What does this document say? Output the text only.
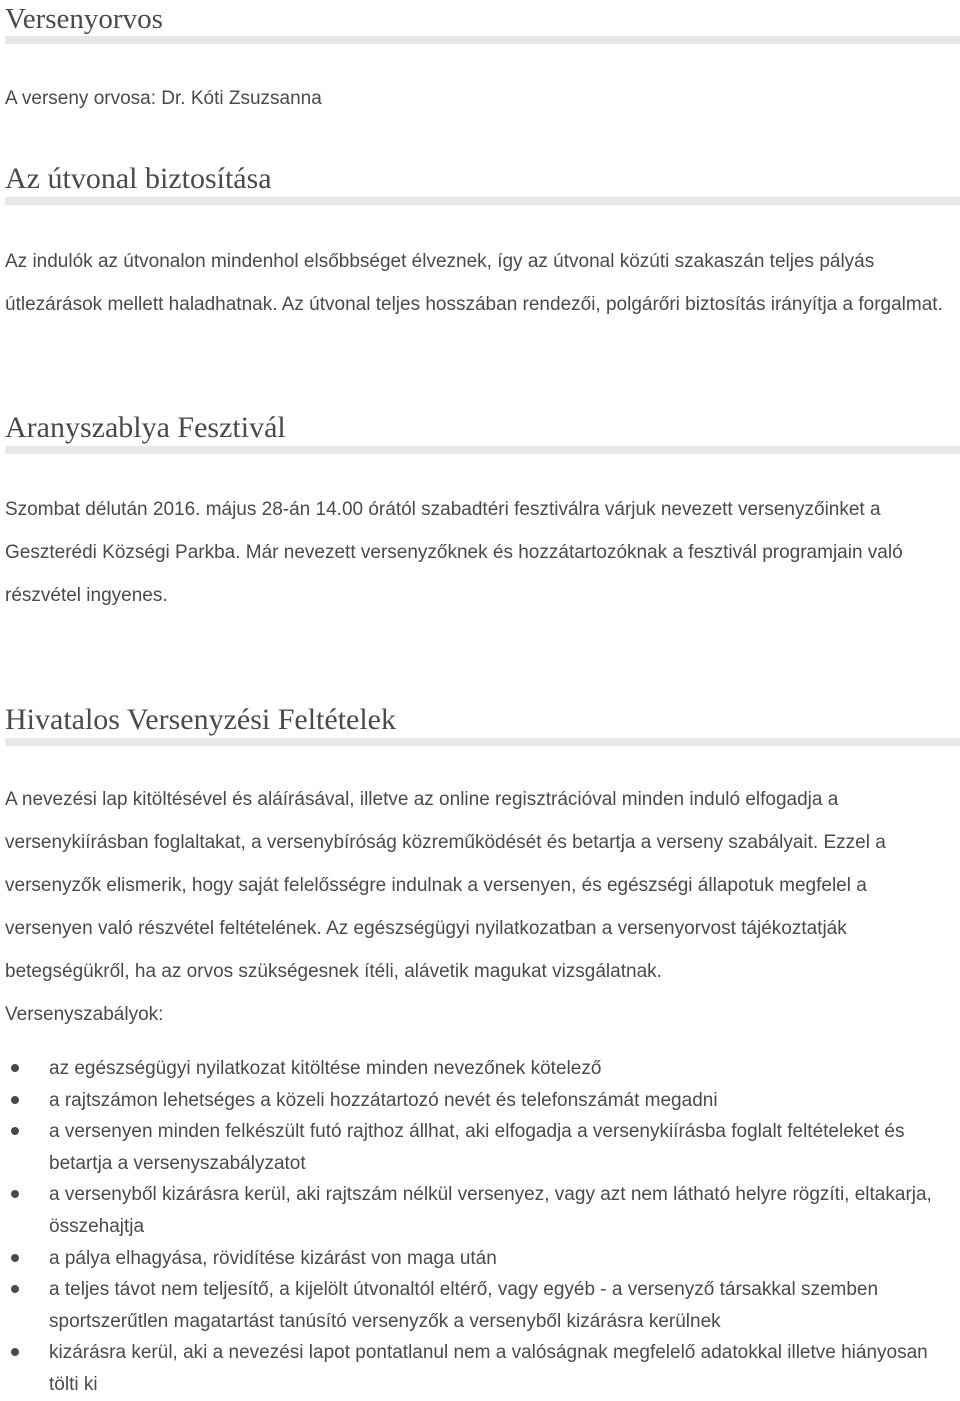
Versenyorvos

A verseny orvosa: Dr. Kóti Zsuzsanna

Az útvonal biztosítása

Az indulók az útvonalon mindenhol elsőbbséget élveznek, így az útvonal közúti szakaszán teljes pályás útlezárások mellett haladhatnak. Az útvonal teljes hosszában rendezői, polgárőri biztosítás irányítja a forgalmat.

Aranyszablya Fesztivál

Szombat délután 2016. május 28-án 14.00 órától szabadtéri fesztiválra várjuk nevezett versenyzőinket a Geszterédi Községi Parkba. Már nevezett versenyzőknek és hozzátartozóknak a fesztivál programjain való részvétel ingyenes.

Hivatalos Versenyzési Feltételek

A nevezési lap kitöltésével és aláírásával, illetve az online regisztrációval minden induló elfogadja a versenykiírásban foglaltakat, a versenybíróság közreműködését és betartja a verseny szabályait. Ezzel a versenyzők elismerik, hogy saját felelősségre indulnak a versenyen, és egészségi állapotuk megfelel a versenyen való részvétel feltételének. Az egészségügyi nyilatkozatban a versenyorvost tájékoztatják betegségükről, ha az orvos szükségesnek ítéli, alávetik magukat vizsgálatnak.

Versenyszabályok:

az egészségügyi nyilatkozat kitöltése minden nevezőnek kötelező
a rajtszámon lehetséges a közeli hozzátartozó nevét és telefonszámát megadni
a versenyen minden felkészült futó rajthoz állhat, aki elfogadja a versenykiírásba foglalt feltételeket és betartja a versenyszabályzatot
a versenyből kizárásra kerül, aki rajtszám nélkül versenyez, vagy azt nem látható helyre rögzíti, eltakarja, összehajtja
a pálya elhagyása, rövidítése kizárást von maga után
a teljes távot nem teljesítő, a kijelölt útvonaltól eltérő, vagy egyéb - a versenyző társakkal szemben sportszerűtlen magatartást tanúsító versenyzők a versenyből kizárásra kerülnek
kizárásra kerül, aki a nevezési lapot pontatlanul nem a valóságnak megfelelő adatokkal illetve hiányosan tölti ki
